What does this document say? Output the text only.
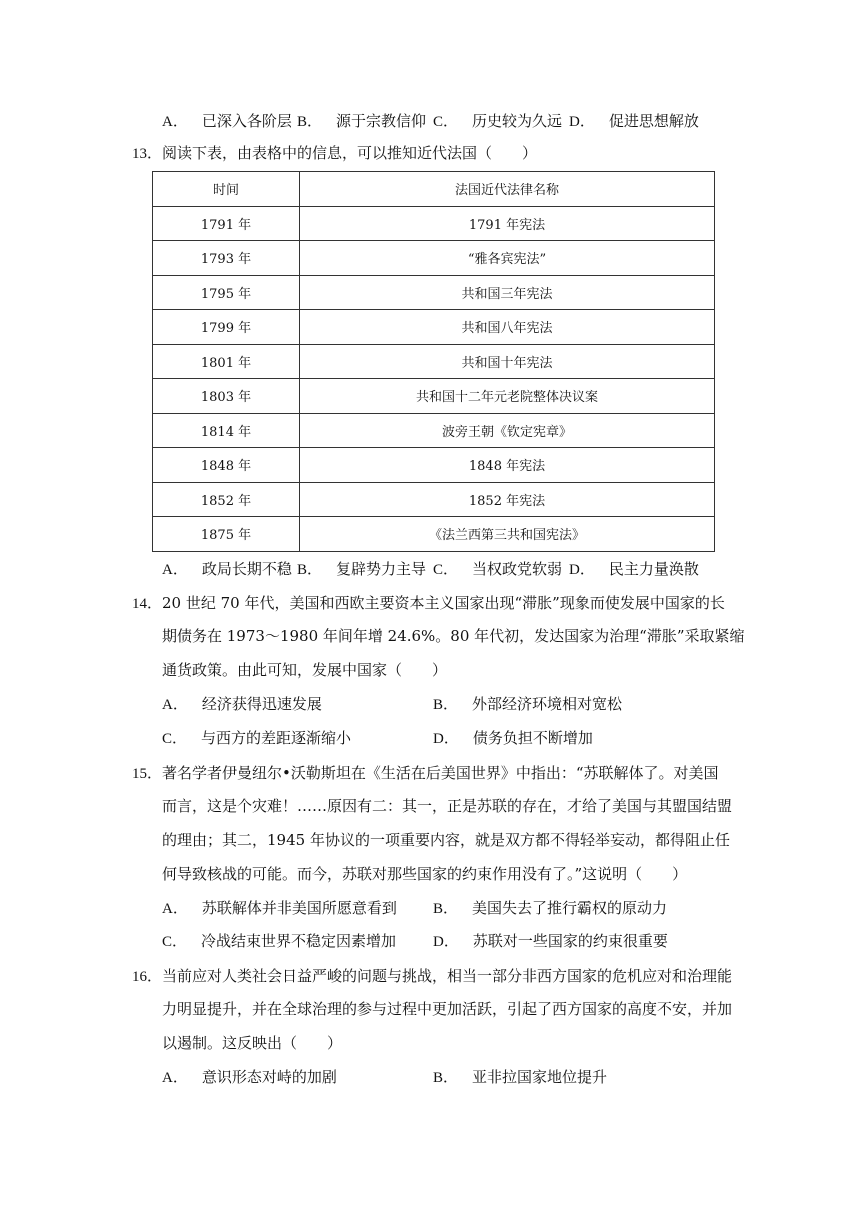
A． 已深入各阶层 B． 源于宗教信仰 C． 历史较为久远 D． 促进思想解放
13．阅读下表，由表格中的信息，可以推知近代法国（　　）
时间	法国近代法律名称
1791 年	1791 年宪法
1793 年	“雅各宾宪法”
1795 年	共和国三年宪法
1799 年	共和国八年宪法
1801 年	共和国十年宪法
1803 年	共和国十二年元老院整体决议案
1814 年	波旁王朝《钦定宪章》
1848 年	1848 年宪法
1852 年	1852 年宪法
1875 年	《法兰西第三共和国宪法》
A． 政局长期不稳 B． 复辟势力主导 C． 当权政党软弱 D． 民主力量涣散
14．20 世纪 70 年代，美国和西欧主要资本主义国家出现“滞胀”现象而使发展中国家的长
期债务在 1973～1980 年间年增 24.6%。80 年代初，发达国家为治理“滞胀”采取紧缩
通货政策。由此可知，发展中国家（　　）
A． 经济获得迅速发展	B． 外部经济环境相对宽松
C． 与西方的差距逐渐缩小	D． 债务负担不断增加
15．著名学者伊曼纽尔•沃勒斯坦在《生活在后美国世界》中指出：“苏联解体了。对美国
而言，这是个灾难！……原因有二：其一，正是苏联的存在，才给了美国与其盟国结盟
的理由；其二，1945 年协议的一项重要内容，就是双方都不得轻举妄动，都得阻止任
何导致核战的可能。而今，苏联对那些国家的约束作用没有了。”这说明（　　）
A． 苏联解体并非美国所愿意看到 B． 美国失去了推行霸权的原动力
C． 冷战结束世界不稳定因素增加 D． 苏联对一些国家的约束很重要
16．当前应对人类社会日益严峻的问题与挑战，相当一部分非西方国家的危机应对和治理能
力明显提升，并在全球治理的参与过程中更加活跃，引起了西方国家的高度不安，并加
以遏制。这反映出（　　）
A． 意识形态对峙的加剧	B． 亚非拉国家地位提升
